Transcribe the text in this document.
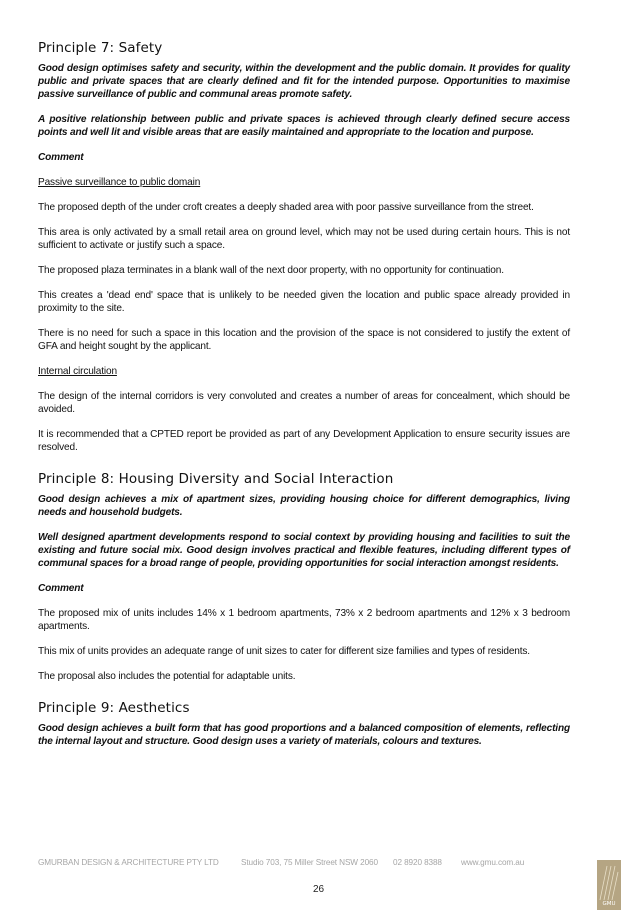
Principle 7: Safety

Good design optimises safety and security, within the development and the public domain. It provides for quality public and private spaces that are clearly defined and fit for the intended purpose. Opportunities to maximise passive surveillance of public and communal areas promote safety.

A positive relationship between public and private spaces is achieved through clearly defined secure access points and well lit and visible areas that are easily maintained and appropriate to the location and purpose.

Comment

Passive surveillance to public domain

The proposed depth of the under croft creates a deeply shaded area with poor passive surveillance from the street.

This area is only activated by a small retail area on ground level, which may not be used during certain hours. This is not sufficient to activate or justify such a space.

The proposed plaza terminates in a blank wall of the next door property, with no opportunity for continuation.

This creates a 'dead end' space that is unlikely to be needed given the location and public space already provided in proximity to the site.

There is no need for such a space in this location and the provision of the space is not considered to justify the extent of GFA and height sought by the applicant.

Internal circulation

The design of the internal corridors is very convoluted and creates a number of areas for concealment, which should be avoided.

It is recommended that a CPTED report be provided as part of any Development Application to ensure security issues are resolved.

Principle 8: Housing Diversity and Social Interaction

Good design achieves a mix of apartment sizes, providing housing choice for different demographics, living needs and household budgets.

Well designed apartment developments respond to social context by providing housing and facilities to suit the existing and future social mix. Good design involves practical and flexible features, including different types of communal spaces for a broad range of people, providing opportunities for social interaction amongst residents.

Comment

The proposed mix of units includes 14% x 1 bedroom apartments, 73% x 2 bedroom apartments and 12% x 3 bedroom apartments.

This mix of units provides an adequate range of unit sizes to cater for different size families and types of residents.

The proposal also includes the potential for adaptable units.

Principle 9: Aesthetics

Good design achieves a built form that has good proportions and a balanced composition of elements, reflecting the internal layout and structure. Good design uses a variety of materials, colours and textures.

GMURBAN DESIGN & ARCHITECTURE PTY LTD	Studio 703, 75 Miller Street NSW 2060 02 8920 8388 www.gmu.com.au
26
GMU
